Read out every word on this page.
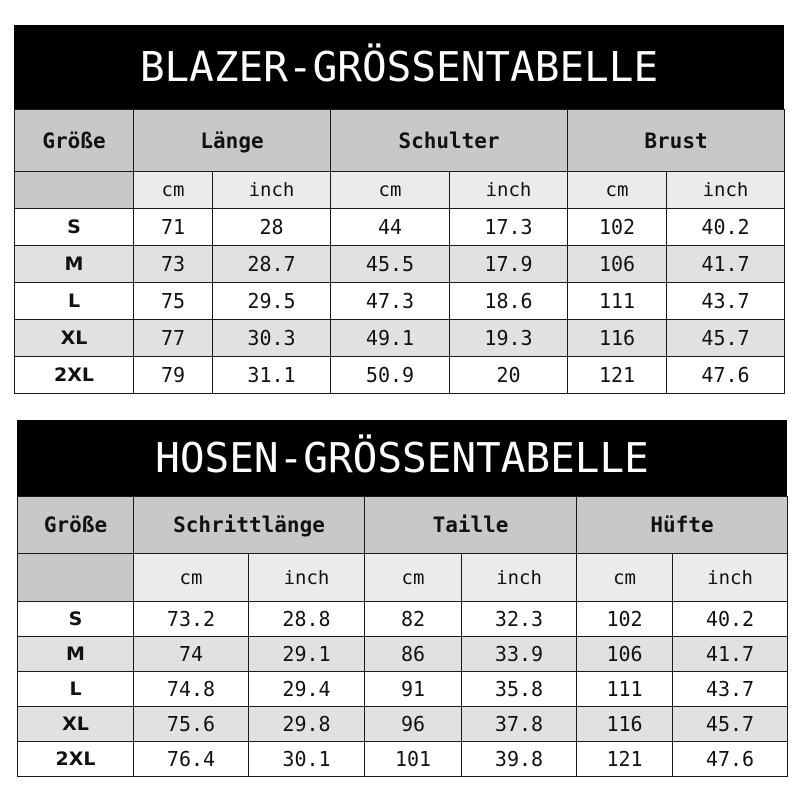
BLAZER-GRÖSSENTABELLE
Größe	Länge		Schulter		Brust	
	cm	inch	cm	inch	cm	inch
S	71	28	44	17.3	102	40.2
M	73	28.7	45.5	17.9	106	41.7
L	75	29.5	47.3	18.6	111	43.7
XL	77	30.3	49.1	19.3	116	45.7
2XL	79	31.1	50.9	20	121	47.6
HOSEN-GRÖSSENTABELLE
Größe	Schrittlänge		Taille		Hüfte	
	cm	inch	cm	inch	cm	inch
S	73.2	28.8	82	32.3	102	40.2
M	74	29.1	86	33.9	106	41.7
L	74.8	29.4	91	35.8	111	43.7
XL	75.6	29.8	96	37.8	116	45.7
2XL	76.4	30.1	101	39.8	121	47.6
